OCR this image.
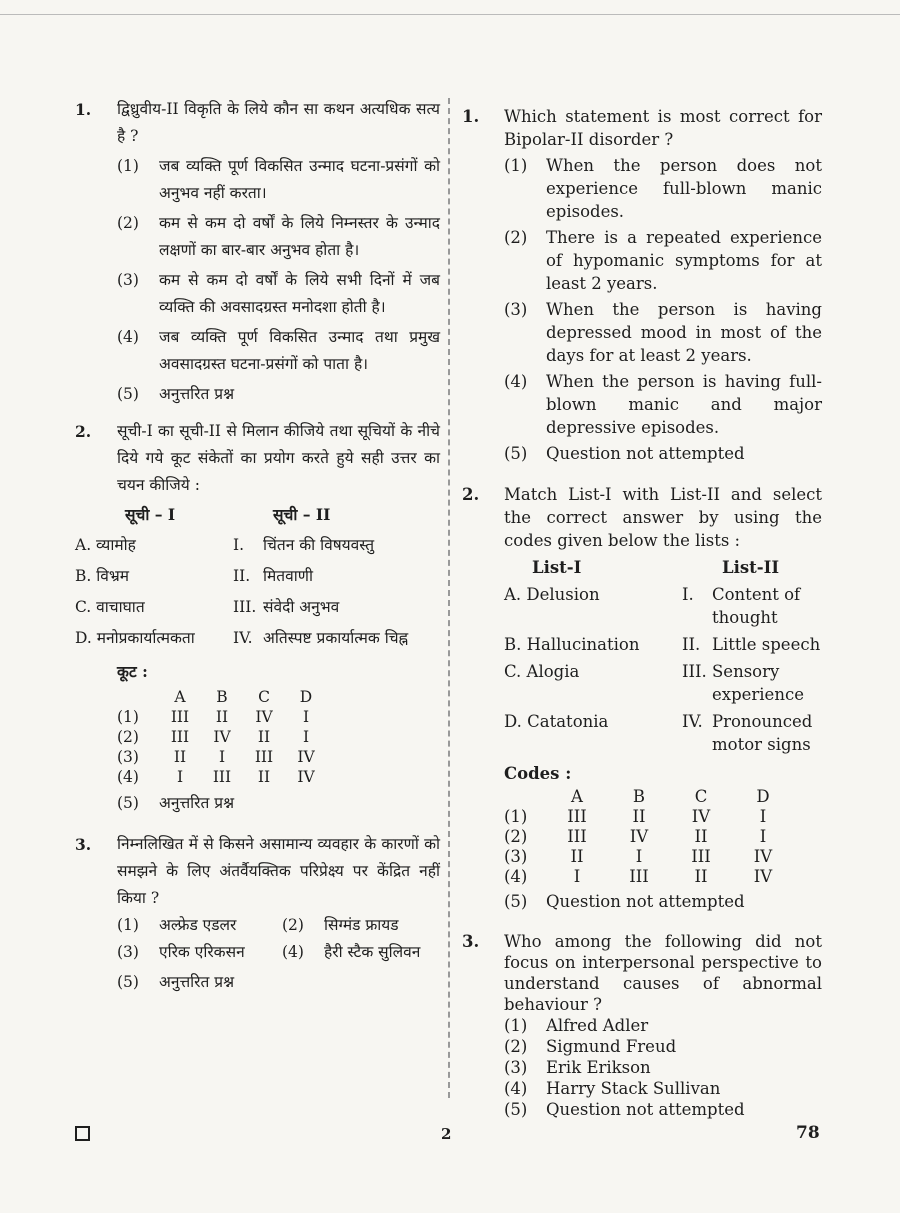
1. द्विध्रुवीय-II विकृति के लिये कौन सा कथन अत्यधिक सत्य है ?
(1) जब व्यक्ति पूर्ण विकसित उन्माद घटना-प्रसंगों को अनुभव नहीं करता।
(2) कम से कम दो वर्षों के लिये निम्नस्तर के उन्माद लक्षणों का बार-बार अनुभव होता है।
(3) कम से कम दो वर्षों के लिये सभी दिनों में जब व्यक्ति की अवसादग्रस्त मनोदशा होती है।
(4) जब व्यक्ति पूर्ण विकसित उन्माद तथा प्रमुख अवसादग्रस्त घटना-प्रसंगों को पाता है।
(5) अनुत्तरित प्रश्न
2. सूची-I का सूची-II से मिलान कीजिये तथा सूचियों के नीचे दिये गये कूट संकेतों का प्रयोग करते हुये सही उत्तर का चयन कीजिये :
सूची – I	सूची – II
A. व्यामोह	I. चिंतन की विषयवस्तु
B. विभ्रम	II. मितवाणी
C. वाचाघात	III. संवेदी अनुभव
D. मनोप्रकार्यात्मकता	IV. अतिस्पष्ट प्रकार्यात्मक चिह्न
कूट :
	A	B	C	D
(1)	III	II	IV	I
(2)	III	IV	II	I
(3)	II	I	III	IV
(4)	I	III	II	IV
(5) अनुत्तरित प्रश्न
3. निम्नलिखित में से किसने असामान्य व्यवहार के कारणों को समझने के लिए अंतर्वैयक्तिक परिप्रेक्ष्य पर केंद्रित नहीं किया ?
(1) अल्फ्रेड एडलर	(2) सिग्मंड फ्रायड
(3) एरिक एरिकसन	(4) हैरी स्टैक सुलिवन
(5) अनुत्तरित प्रश्न
1. Which statement is most correct for Bipolar-II disorder ?
(1) When the person does not experience full-blown manic episodes.
(2) There is a repeated experience of hypomanic symptoms for at least 2 years.
(3) When the person is having depressed mood in most of the days for at least 2 years.
(4) When the person is having full-blown manic and major depressive episodes.
(5) Question not attempted
2. Match List-I with List-II and select the correct answer by using the codes given below the lists :
List-I	List-II
A. Delusion	I. Content of thought
B. Hallucination	II. Little speech
C. Alogia	III. Sensory experience
D. Catatonia	IV. Pronounced motor signs
Codes :
	A	B	C	D
(1)	III	II	IV	I
(2)	III	IV	II	I
(3)	II	I	III	IV
(4)	I	III	II	IV
(5) Question not attempted
3. Who among the following did not focus on interpersonal perspective to understand causes of abnormal behaviour ?
(1) Alfred Adler
(2) Sigmund Freud
(3) Erik Erikson
(4) Harry Stack Sullivan
(5) Question not attempted
2	78
